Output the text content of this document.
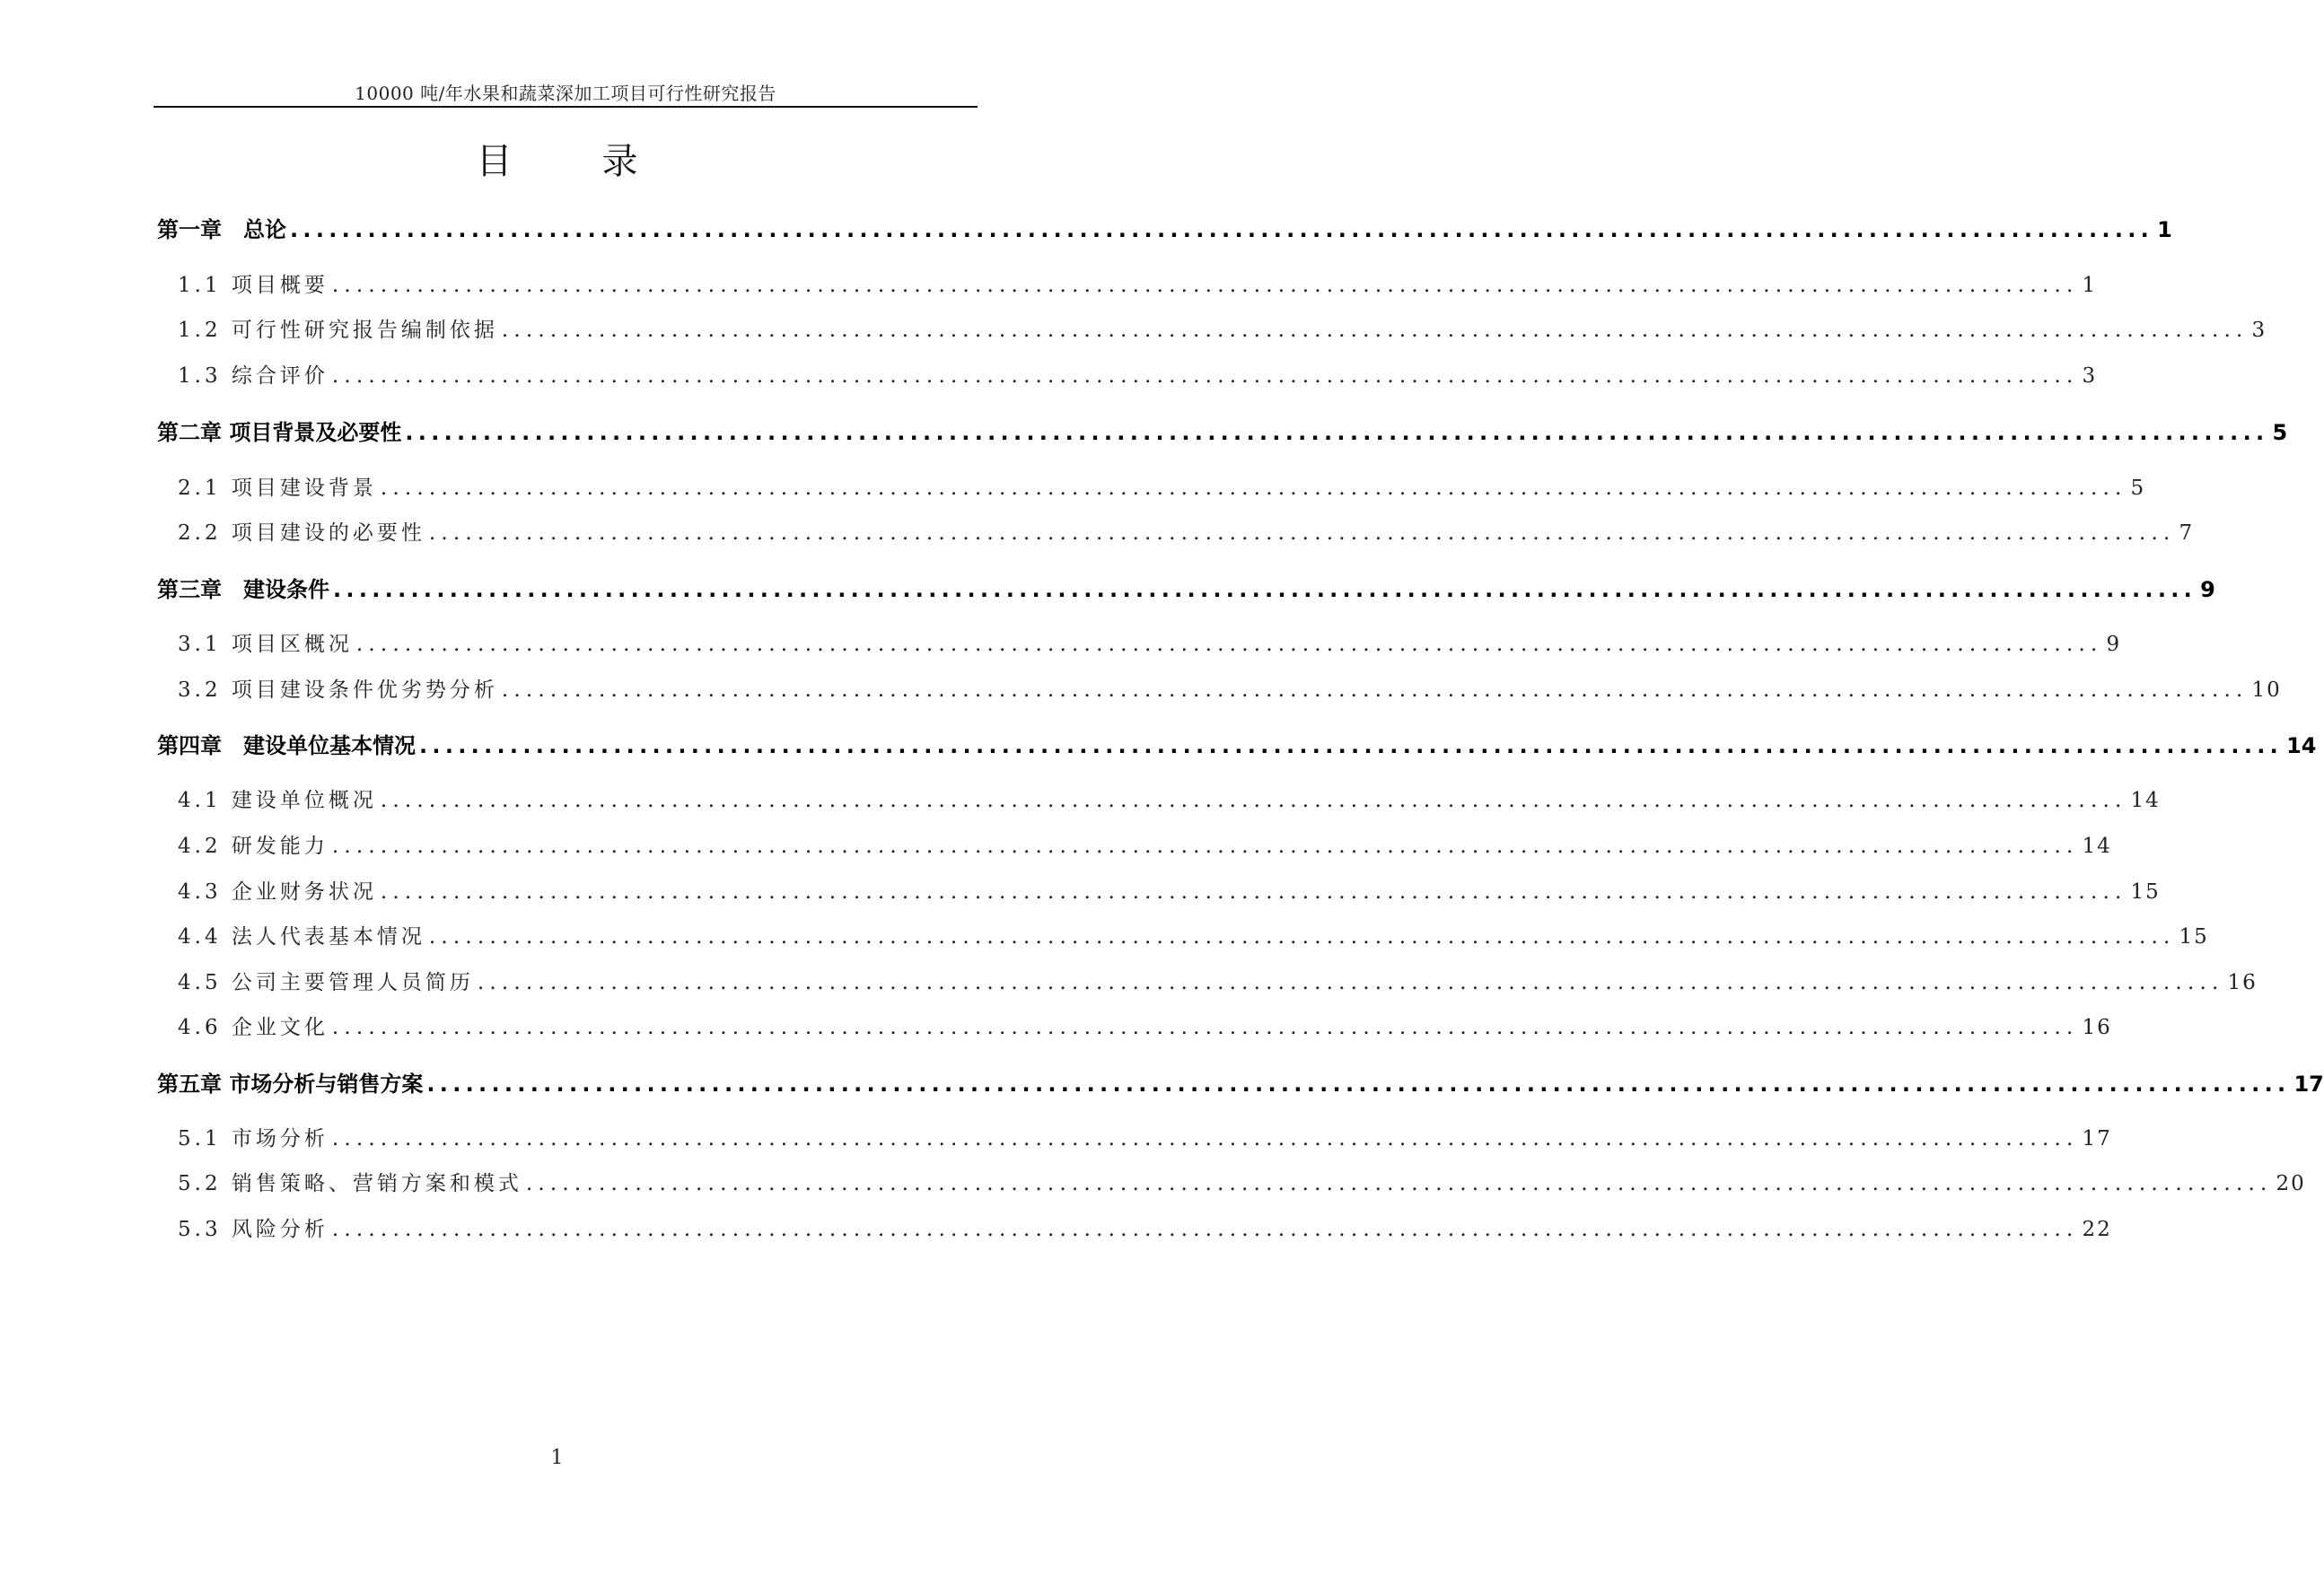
10000 吨/年水果和蔬菜深加工项目可行性研究报告
目　录
第一章　总论 ................................................................................................................................................ 1
1.1 项目概要 ................................................................................................................................................ 1
1.2 可行性研究报告编制依据 ................................................................................................................................................ 3
1.3 综合评价 ................................................................................................................................................ 3
第二章 项目背景及必要性 ................................................................................................................................................ 5
2.1 项目建设背景 ................................................................................................................................................ 5
2.2 项目建设的必要性 ................................................................................................................................................ 7
第三章　建设条件 ................................................................................................................................................ 9
3.1 项目区概况 ................................................................................................................................................ 9
3.2 项目建设条件优劣势分析 ................................................................................................................................................ 10
第四章　建设单位基本情况 ................................................................................................................................................ 14
4.1 建设单位概况 ................................................................................................................................................ 14
4.2 研发能力 ................................................................................................................................................ 14
4.3 企业财务状况 ................................................................................................................................................ 15
4.4 法人代表基本情况 ................................................................................................................................................ 15
4.5 公司主要管理人员简历 ................................................................................................................................................ 16
4.6 企业文化 ................................................................................................................................................ 16
第五章 市场分析与销售方案 ................................................................................................................................................ 17
5.1 市场分析 ................................................................................................................................................ 17
5.2 销售策略、营销方案和模式 ................................................................................................................................................ 20
5.3 风险分析 ................................................................................................................................................ 22
1
